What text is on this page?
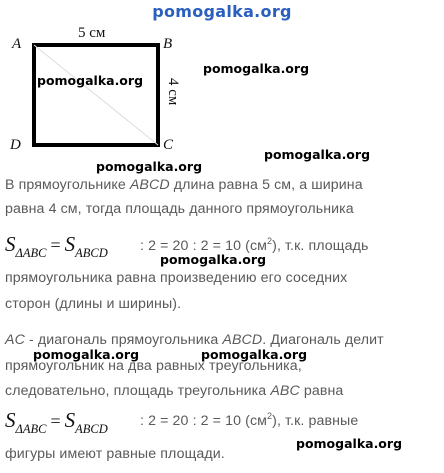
pomogalka.org
A	B
C
D
5 см
4 см
pomogalka.org
pomogalka.org
pomogalka.org
pomogalka.org
pomogalka.org
pomogalka.org	pomogalka.org
pomogalka.org
В прямоугольнике ABCD длина равна 5 см, а ширина
равна 4 см, тогда площадь данного прямоугольника
$S_{\Delta ABC} = S_{ABCD}$ : 2 = 20 : 2 = 10 $(см^2)$, т.к. площадь
прямоугольника равна произведению его соседних
сторон (длины и ширины).
AC - диагональ прямоугольника ABCD. Диагональ делит
прямоугольник на два равных треугольника,
следовательно, площадь треугольника ABC равна
$S_{\Delta ABC} = S_{ABCD}$ : 2 = 20 : 2 = 10 $(см^2)$, т.к. равные
фигуры имеют равные площади.
